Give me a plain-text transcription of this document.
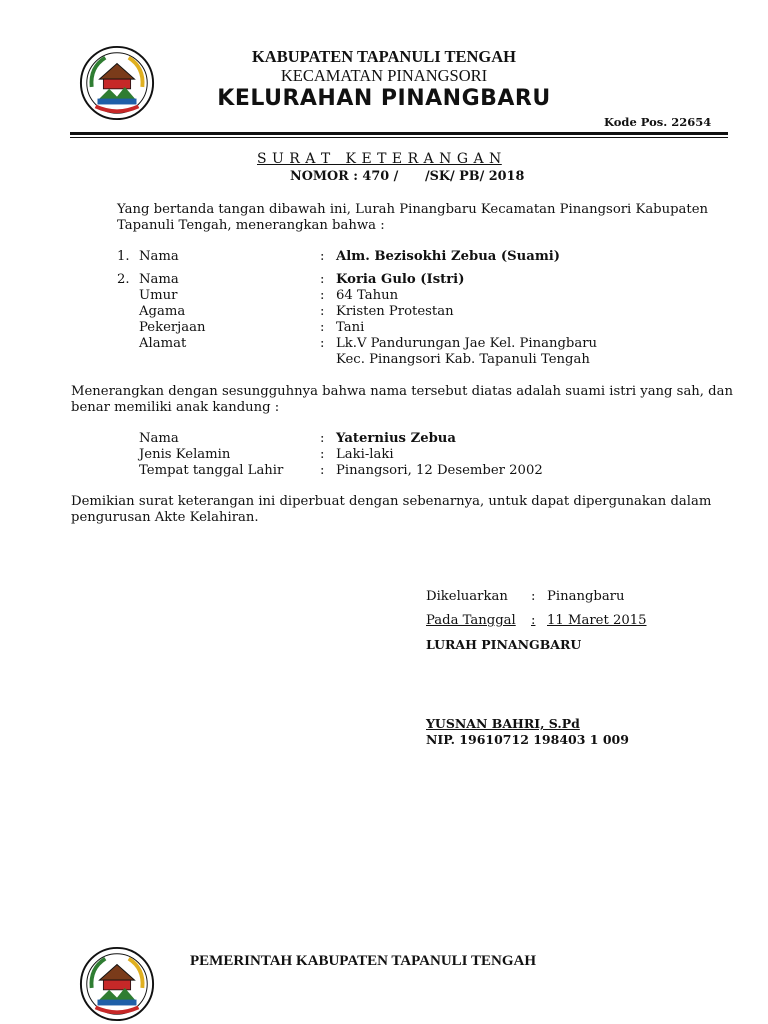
KABUPATEN TAPANULI TENGAH
KECAMATAN PINANGSORI
KELURAHAN PINANGBARU
Kode Pos. 22654
S U R A T   K E T E R A N G A N
NOMOR : 470 /      /SK/ PB/ 2018
Yang bertanda tangan dibawah ini, Lurah Pinangbaru Kecamatan Pinangsori Kabupaten
Tapanuli Tengah, menerangkan bahwa :
1. Nama	: Alm. Bezisokhi Zebua (Suami)
2. Nama	: Koria Gulo (Istri)
Umur	: 64 Tahun
Agama	: Kristen Protestan
Pekerjaan	: Tani
Alamat	: Lk.V Pandurungan Jae Kel. Pinangbaru
Kec. Pinangsori Kab. Tapanuli Tengah
Menerangkan dengan sesungguhnya bahwa nama tersebut diatas adalah suami istri yang sah, dan
benar memiliki anak kandung :
Nama	: Yaternius Zebua
Jenis Kelamin	: Laki-laki
Tempat tanggal Lahir	: Pinangsori, 12 Desember 2002
Demikian surat keterangan ini diperbuat dengan sebenarnya, untuk dapat dipergunakan dalam
pengurusan Akte Kelahiran.
Dikeluarkan : Pinangbaru
Pada Tanggal : 11 Maret 2015
LURAH PINANGBARU
YUSNAN BAHRI, S.Pd
NIP. 19610712 198403 1 009
PEMERINTAH KABUPATEN TAPANULI TENGAH
